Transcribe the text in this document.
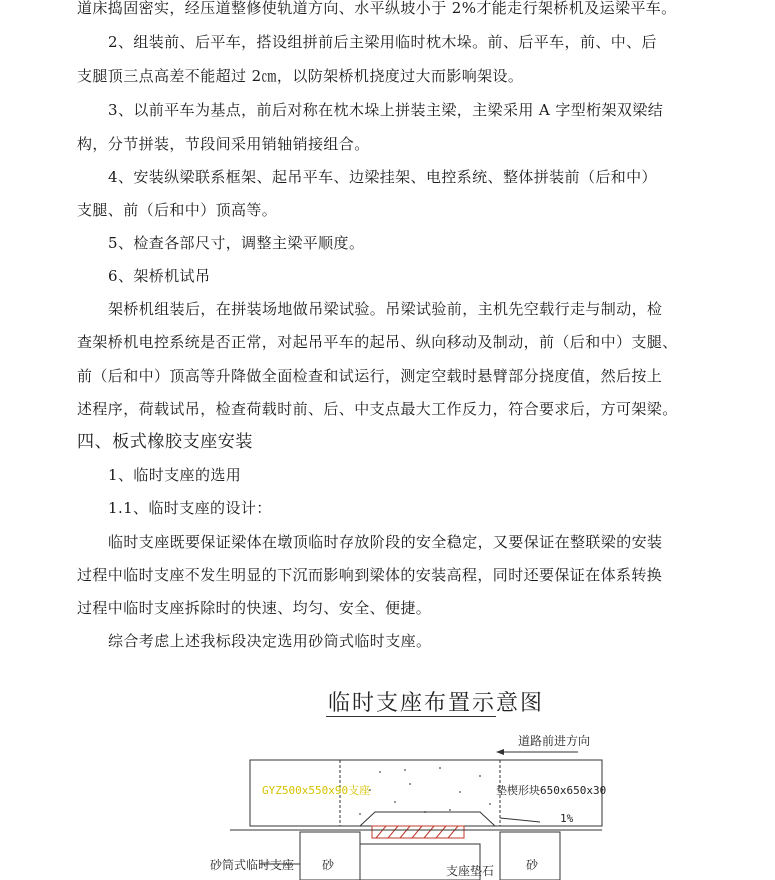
道床捣固密实，经压道整修使轨道方向、水平纵坡小于 2%才能走行架桥机及运梁平车。
2、组装前、后平车，搭设组拼前后主梁用临时枕木垛。前、后平车，前、中、后
支腿顶三点高差不能超过 2㎝，以防架桥机挠度过大而影响架设。
3、以前平车为基点，前后对称在枕木垛上拼装主梁，主梁采用 A 字型桁架双梁结
构，分节拼装，节段间采用销轴销接组合。
4、安装纵梁联系框架、起吊平车、边梁挂架、电控系统、整体拼装前（后和中）
支腿、前（后和中）顶高等。
5、检查各部尺寸，调整主梁平顺度。
6、架桥机试吊
架桥机组装后，在拼装场地做吊梁试验。吊梁试验前，主机先空载行走与制动，检
查架桥机电控系统是否正常，对起吊平车的起吊、纵向移动及制动，前（后和中）支腿、
前（后和中）顶高等升降做全面检查和试运行，测定空载时悬臂部分挠度值，然后按上
述程序，荷载试吊，检查荷载时前、后、中支点最大工作反力，符合要求后，方可架梁。
四、板式橡胶支座安装
1、临时支座的选用
1.1、临时支座的设计：
临时支座既要保证梁体在墩顶临时存放阶段的安全稳定，又要保证在整联梁的安装
过程中临时支座不发生明显的下沉而影响到梁体的安装高程，同时还要保证在体系转换
过程中临时支座拆除时的快速、均匀、安全、便捷。
综合考虑上述我标段决定选用砂筒式临时支座。
临时支座布置示意图
道路前进方向
GYZ500x550x90支座	垫楔形块650x650x30
1%
砂	砂
砂筒式临时支座	支座垫石
